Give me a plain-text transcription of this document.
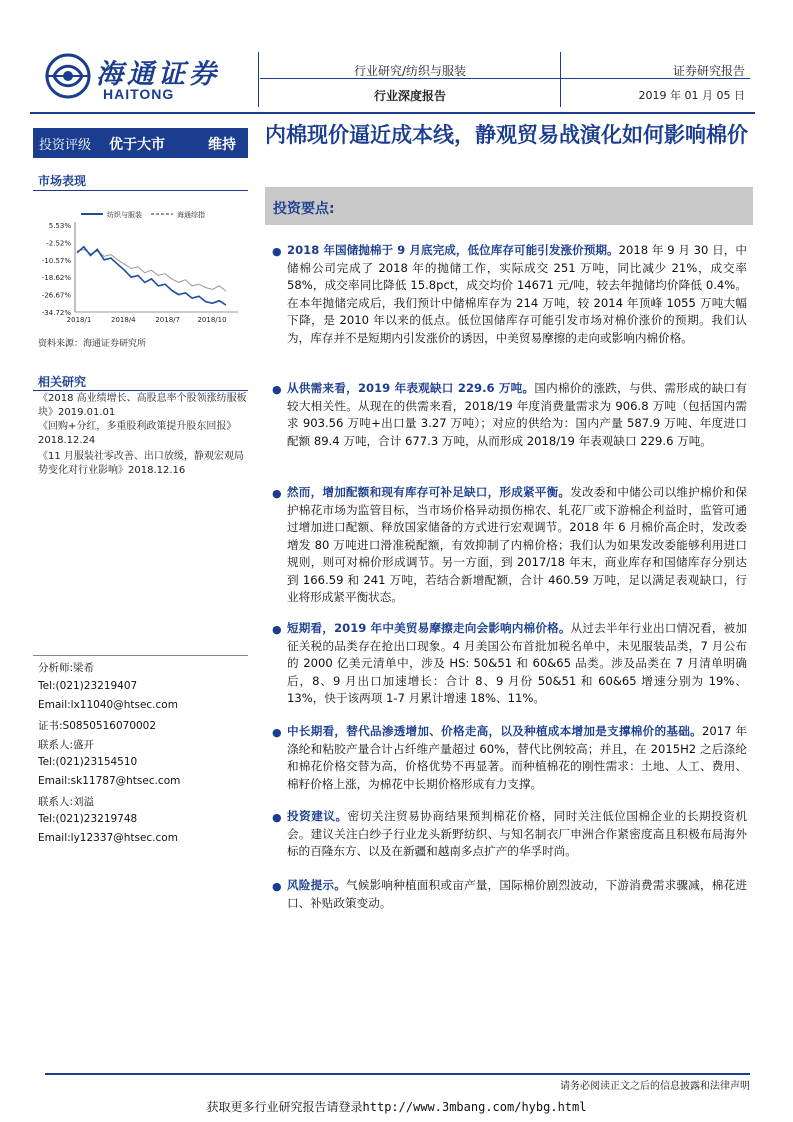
海通证券
HAITONG
行业研究/纺织与服装
行业深度报告
证券研究报告
2019 年 01 月 05 日
投资评级 优于大市	维持 内棉现价逼近成本线，静观贸易战演化如何影响棉价
市场表现
纺织与服装	海通综指
5.53%
-2.52%
-10.57%
-18.62%
-26.67%
-34.72%
2018/1	2018/4	2018/7 2018/10
资料来源：海通证券研究所
相关研究
《2018 高业绩增长、高股息率个股领涨纺服板块》2019.01.01
《回购+分红，多重股利政策提升股东回报》2018.12.24
《11 月服装社零改善、出口放缓，静观宏观局势变化对行业影响》2018.12.16
分析师:梁希
Tel:(021)23219407
Email:lx11040@htsec.com
证书:S0850516070002
联系人:盛开
Tel:(021)23154510
Email:sk11787@htsec.com
联系人:刘溢
Tel:(021)23219748
Email:ly12337@htsec.com
投资要点:
● 2018 年国储抛棉于 9 月底完成，低位库存可能引发涨价预期。2018 年 9 月 30 日，中储棉公司完成了 2018 年的抛储工作，实际成交 251 万吨，同比减少 21%，成交率 58%，成交率同比降低 15.8pct，成交均价 14671 元/吨，较去年抛储均价降低 0.4%。在本年抛储完成后，我们预计中储棉库存为 214 万吨，较 2014 年顶峰 1055 万吨大幅下降，是 2010 年以来的低点。低位国储库存可能引发市场对棉价涨价的预期。我们认为，库存并不是短期内引发涨价的诱因，中美贸易摩擦的走向或影响内棉价格。
● 从供需来看，2019 年表观缺口 229.6 万吨。国内棉价的涨跌，与供、需形成的缺口有较大相关性。从现在的供需来看，2018/19 年度消费量需求为 906.8 万吨（包括国内需求 903.56 万吨+出口量 3.27 万吨）；对应的供给为：国内产量 587.9 万吨、年度进口配额 89.4 万吨，合计 677.3 万吨，从而形成 2018/19 年表观缺口 229.6 万吨。
● 然而，增加配额和现有库存可补足缺口，形成紧平衡。发改委和中储公司以维护棉价和保护棉花市场为监管目标，当市场价格异动损伤棉农、轧花厂或下游棉企利益时，监管可通过增加进口配额、释放国家储备的方式进行宏观调节。2018 年 6 月棉价高企时，发改委增发 80 万吨进口滑准税配额，有效抑制了内棉价格；我们认为如果发改委能够利用进口规则，则可对棉价形成调节。另一方面，到 2017/18 年末，商业库存和国储库存分别达到 166.59 和 241 万吨，若结合新增配额，合计 460.59 万吨，足以满足表观缺口，行业将形成紧平衡状态。
● 短期看，2019 年中美贸易摩擦走向会影响内棉价格。从过去半年行业出口情况看，被加征关税的品类存在抢出口现象。4 月美国公布首批加税名单中，未见服装品类，7 月公布的 2000 亿美元清单中，涉及 HS: 50&51 和 60&65 品类。涉及品类在 7 月清单明确后，8、9 月出口加速增长：合计 8、9 月份 50&51 和 60&65 增速分别为 19%、13%，快于该两项 1-7 月累计增速 18%、11%。
● 中长期看，替代品渗透增加、价格走高，以及种植成本增加是支撑棉价的基础。2017 年涤纶和粘胶产量合计占纤维产量超过 60%，替代比例较高；并且，在 2015H2 之后涤纶和棉花价格交替为高，价格优势不再显著。而种植棉花的刚性需求：土地、人工、费用、棉籽价格上涨，为棉花中长期价格形成有力支撑。
● 投资建议。密切关注贸易协商结果预判棉花价格，同时关注低位国棉企业的长期投资机会。建议关注白纱子行业龙头新野纺织、与知名制衣厂申洲合作紧密度高且积极布局海外标的百隆东方、以及在新疆和越南多点扩产的华孚时尚。
● 风险提示。气候影响种植面积或亩产量，国际棉价剧烈波动，下游消费需求骤减，棉花进口、补贴政策变动。
请务必阅读正文之后的信息披露和法律声明
获取更多行业研究报告请登录http://www.3mbang.com/hybg.html
